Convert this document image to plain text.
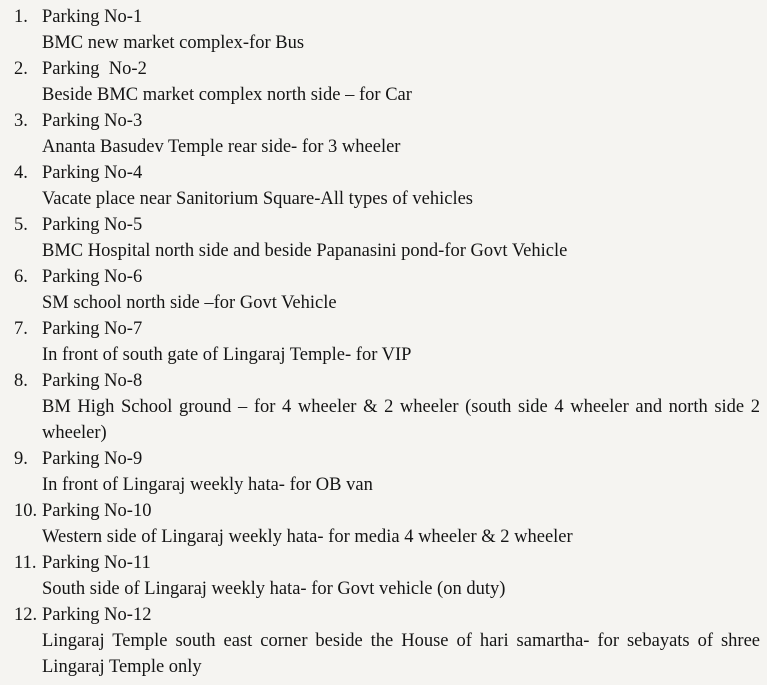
1. Parking No-1
BMC new market complex-for Bus
2. Parking  No-2
Beside BMC market complex north side – for Car
3. Parking No-3
Ananta Basudev Temple rear side- for 3 wheeler
4. Parking No-4
Vacate place near Sanitorium Square-All types of vehicles
5. Parking No-5
BMC Hospital north side and beside Papanasini pond-for Govt Vehicle
6. Parking No-6
SM school north side –for Govt Vehicle
7. Parking No-7
In front of south gate of Lingaraj Temple- for VIP
8. Parking No-8
BM High School ground – for 4 wheeler & 2 wheeler (south side 4 wheeler and north side 2 wheeler)
9. Parking No-9
In front of Lingaraj weekly hata- for OB van
10. Parking No-10
Western side of Lingaraj weekly hata- for media 4 wheeler & 2 wheeler
11. Parking No-11
South side of Lingaraj weekly hata- for Govt vehicle (on duty)
12. Parking No-12
Lingaraj Temple south east corner beside the House of hari samartha- for sebayats of shree Lingaraj Temple only
